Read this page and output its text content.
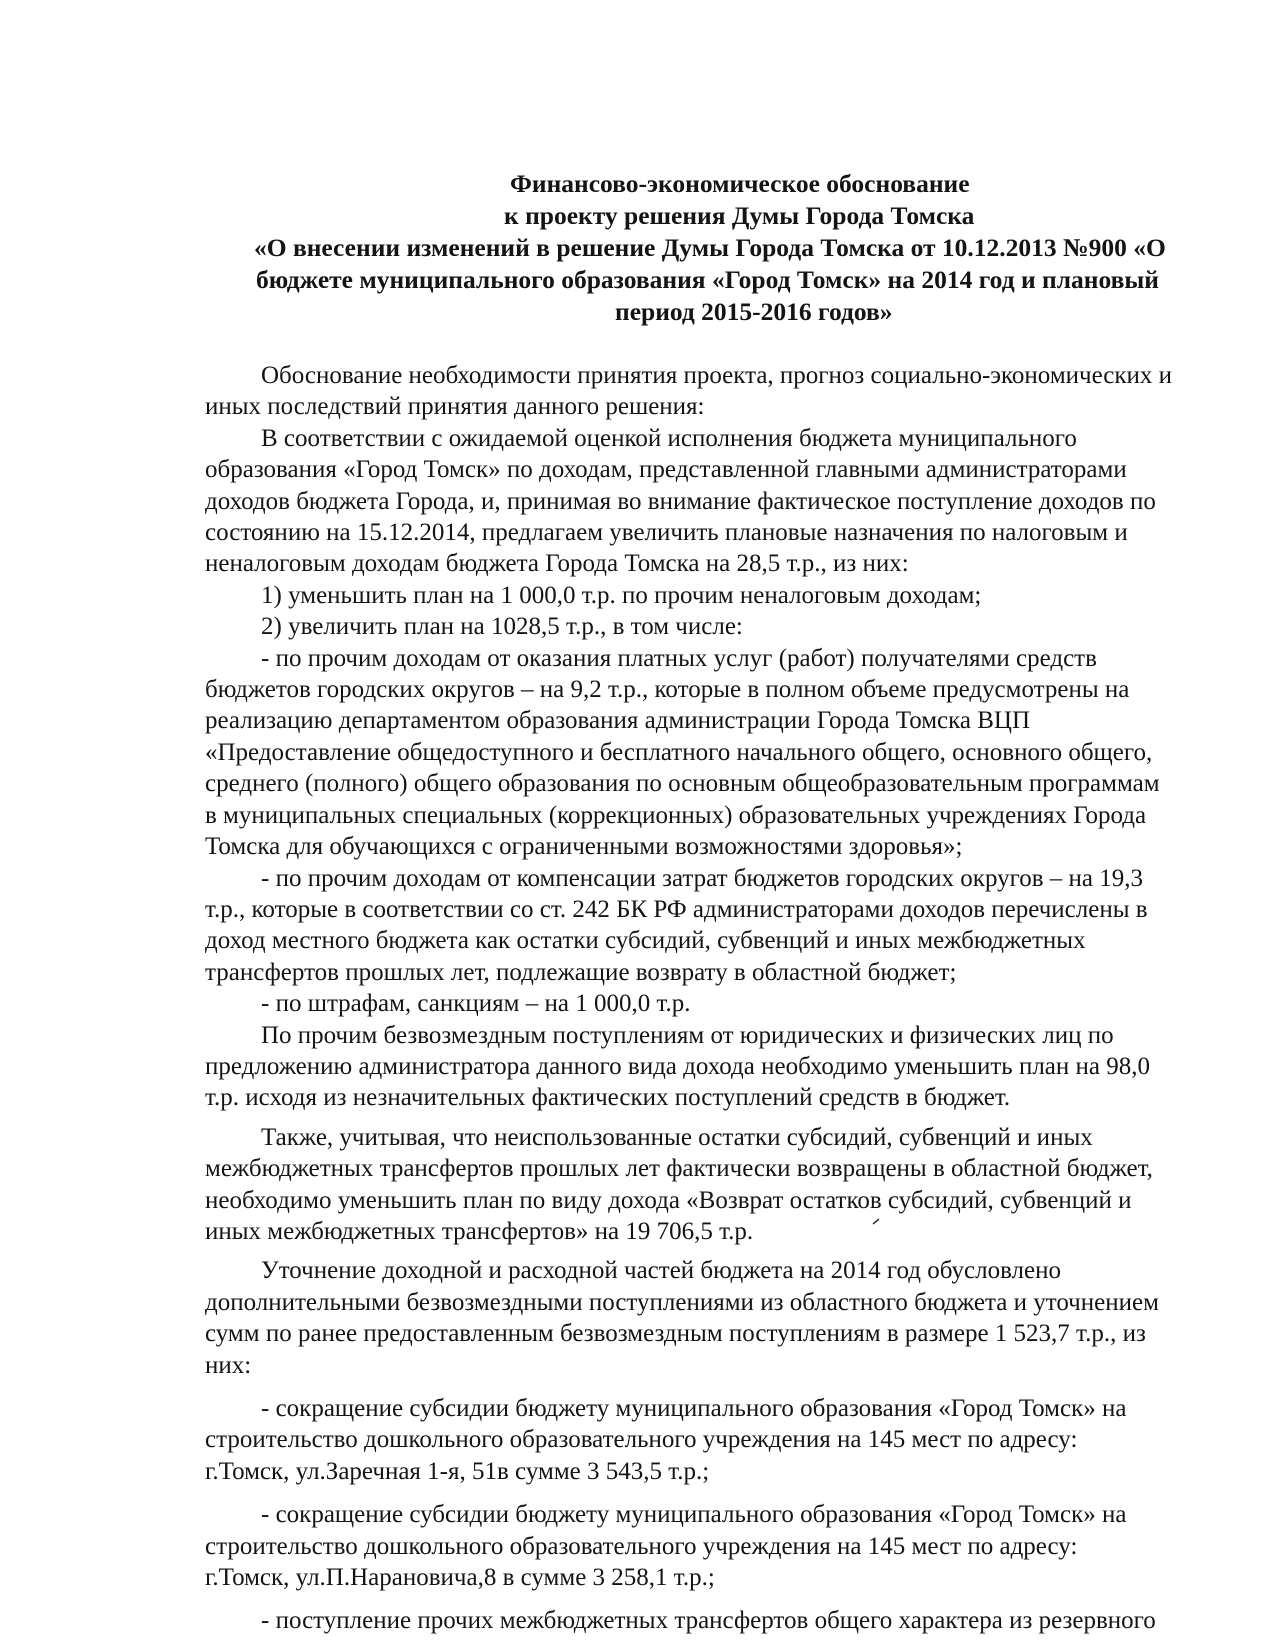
Финансово-экономическое обоснование
к проекту решения Думы Города Томска
«О внесении изменений в решение Думы Города Томска от 10.12.2013 №900 «О
бюджете муниципального образования «Город Томск» на 2014 год и плановый
период 2015-2016 годов»

Обоснование необходимости принятия проекта, прогноз социально-экономических и

иных последствий принятия данного решения:

В соответствии с ожидаемой оценкой исполнения бюджета муниципального

образования «Город Томск» по доходам, представленной главными администраторами

доходов бюджета Города, и, принимая во внимание фактическое поступление доходов по

состоянию на 15.12.2014, предлагаем увеличить плановые назначения по налоговым и

неналоговым доходам бюджета Города Томска на 28,5 т.р., из них:

1) уменьшить план на 1 000,0 т.р. по прочим неналоговым доходам;

2) увеличить план на 1028,5 т.р., в том числе:

- по прочим доходам от оказания платных услуг (работ) получателями средств

бюджетов городских округов – на 9,2 т.р., которые в полном объеме предусмотрены на

реализацию департаментом образования администрации Города Томска ВЦП

«Предоставление общедоступного и бесплатного начального общего, основного общего,

среднего (полного) общего образования по основным общеобразовательным программам

в муниципальных специальных (коррекционных) образовательных учреждениях Города

Томска для обучающихся с ограниченными возможностями здоровья»;

- по прочим доходам от компенсации затрат бюджетов городских округов – на 19,3

т.р., которые в соответствии со ст. 242 БК РФ администраторами доходов перечислены в

доход местного бюджета как остатки субсидий, субвенций и иных межбюджетных

трансфертов прошлых лет, подлежащие возврату в областной бюджет;

- по штрафам, санкциям – на 1 000,0 т.р.

По прочим безвозмездным поступлениям от юридических и физических лиц по

предложению администратора данного вида дохода необходимо уменьшить план на 98,0

т.р. исходя из незначительных фактических поступлений средств в бюджет.

Также, учитывая, что неиспользованные остатки субсидий, субвенций и иных

межбюджетных трансфертов прошлых лет фактически возвращены в областной бюджет,

необходимо уменьшить план по виду дохода «Возврат остатков субсидий, субвенций и

иных межбюджетных трансфертов» на 19 706,5 т.р.

Уточнение доходной и расходной частей бюджета на 2014 год обусловлено

дополнительными безвозмездными поступлениями из областного бюджета и уточнением

сумм по ранее предоставленным безвозмездным поступлениям в размере 1 523,7 т.р., из

них:

- сокращение субсидии бюджету муниципального образования «Город Томск» на

строительство дошкольного образовательного учреждения на 145 мест по адресу:

г.Томск, ул.Заречная 1-я, 51в сумме 3 543,5 т.р.;

- сокращение субсидии бюджету муниципального образования «Город Томск» на

строительство дошкольного образовательного учреждения на 145 мест по адресу:

г.Томск, ул.П.Нарановича,8 в сумме 3 258,1 т.р.;

- поступление прочих межбюджетных трансфертов общего характера из резервного
